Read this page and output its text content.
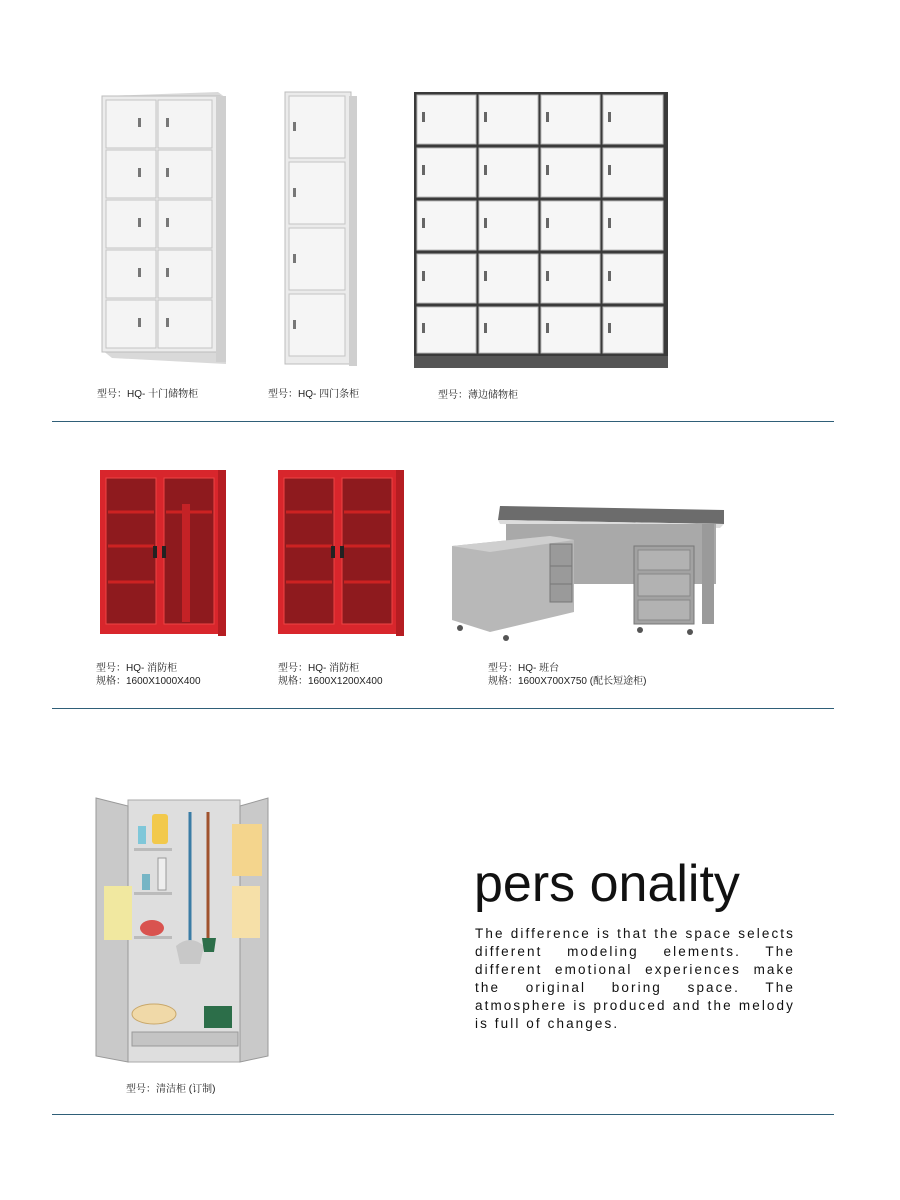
型号：HQ- 十门储物柜	型号：HQ- 四门条柜	型号：薄边储物柜
型号：HQ- 消防柜
规格：1600X1000X400
型号：HQ- 消防柜
规格：1600X1200X400
型号：HQ- 班台
规格：1600X700X750 (配长短途柜)
型号：清洁柜 (订制)
pers onality
The difference is that the space selects different modeling elements. The different emotional experiences make the original boring space. The atmosphere is produced and the melody is full of changes.
